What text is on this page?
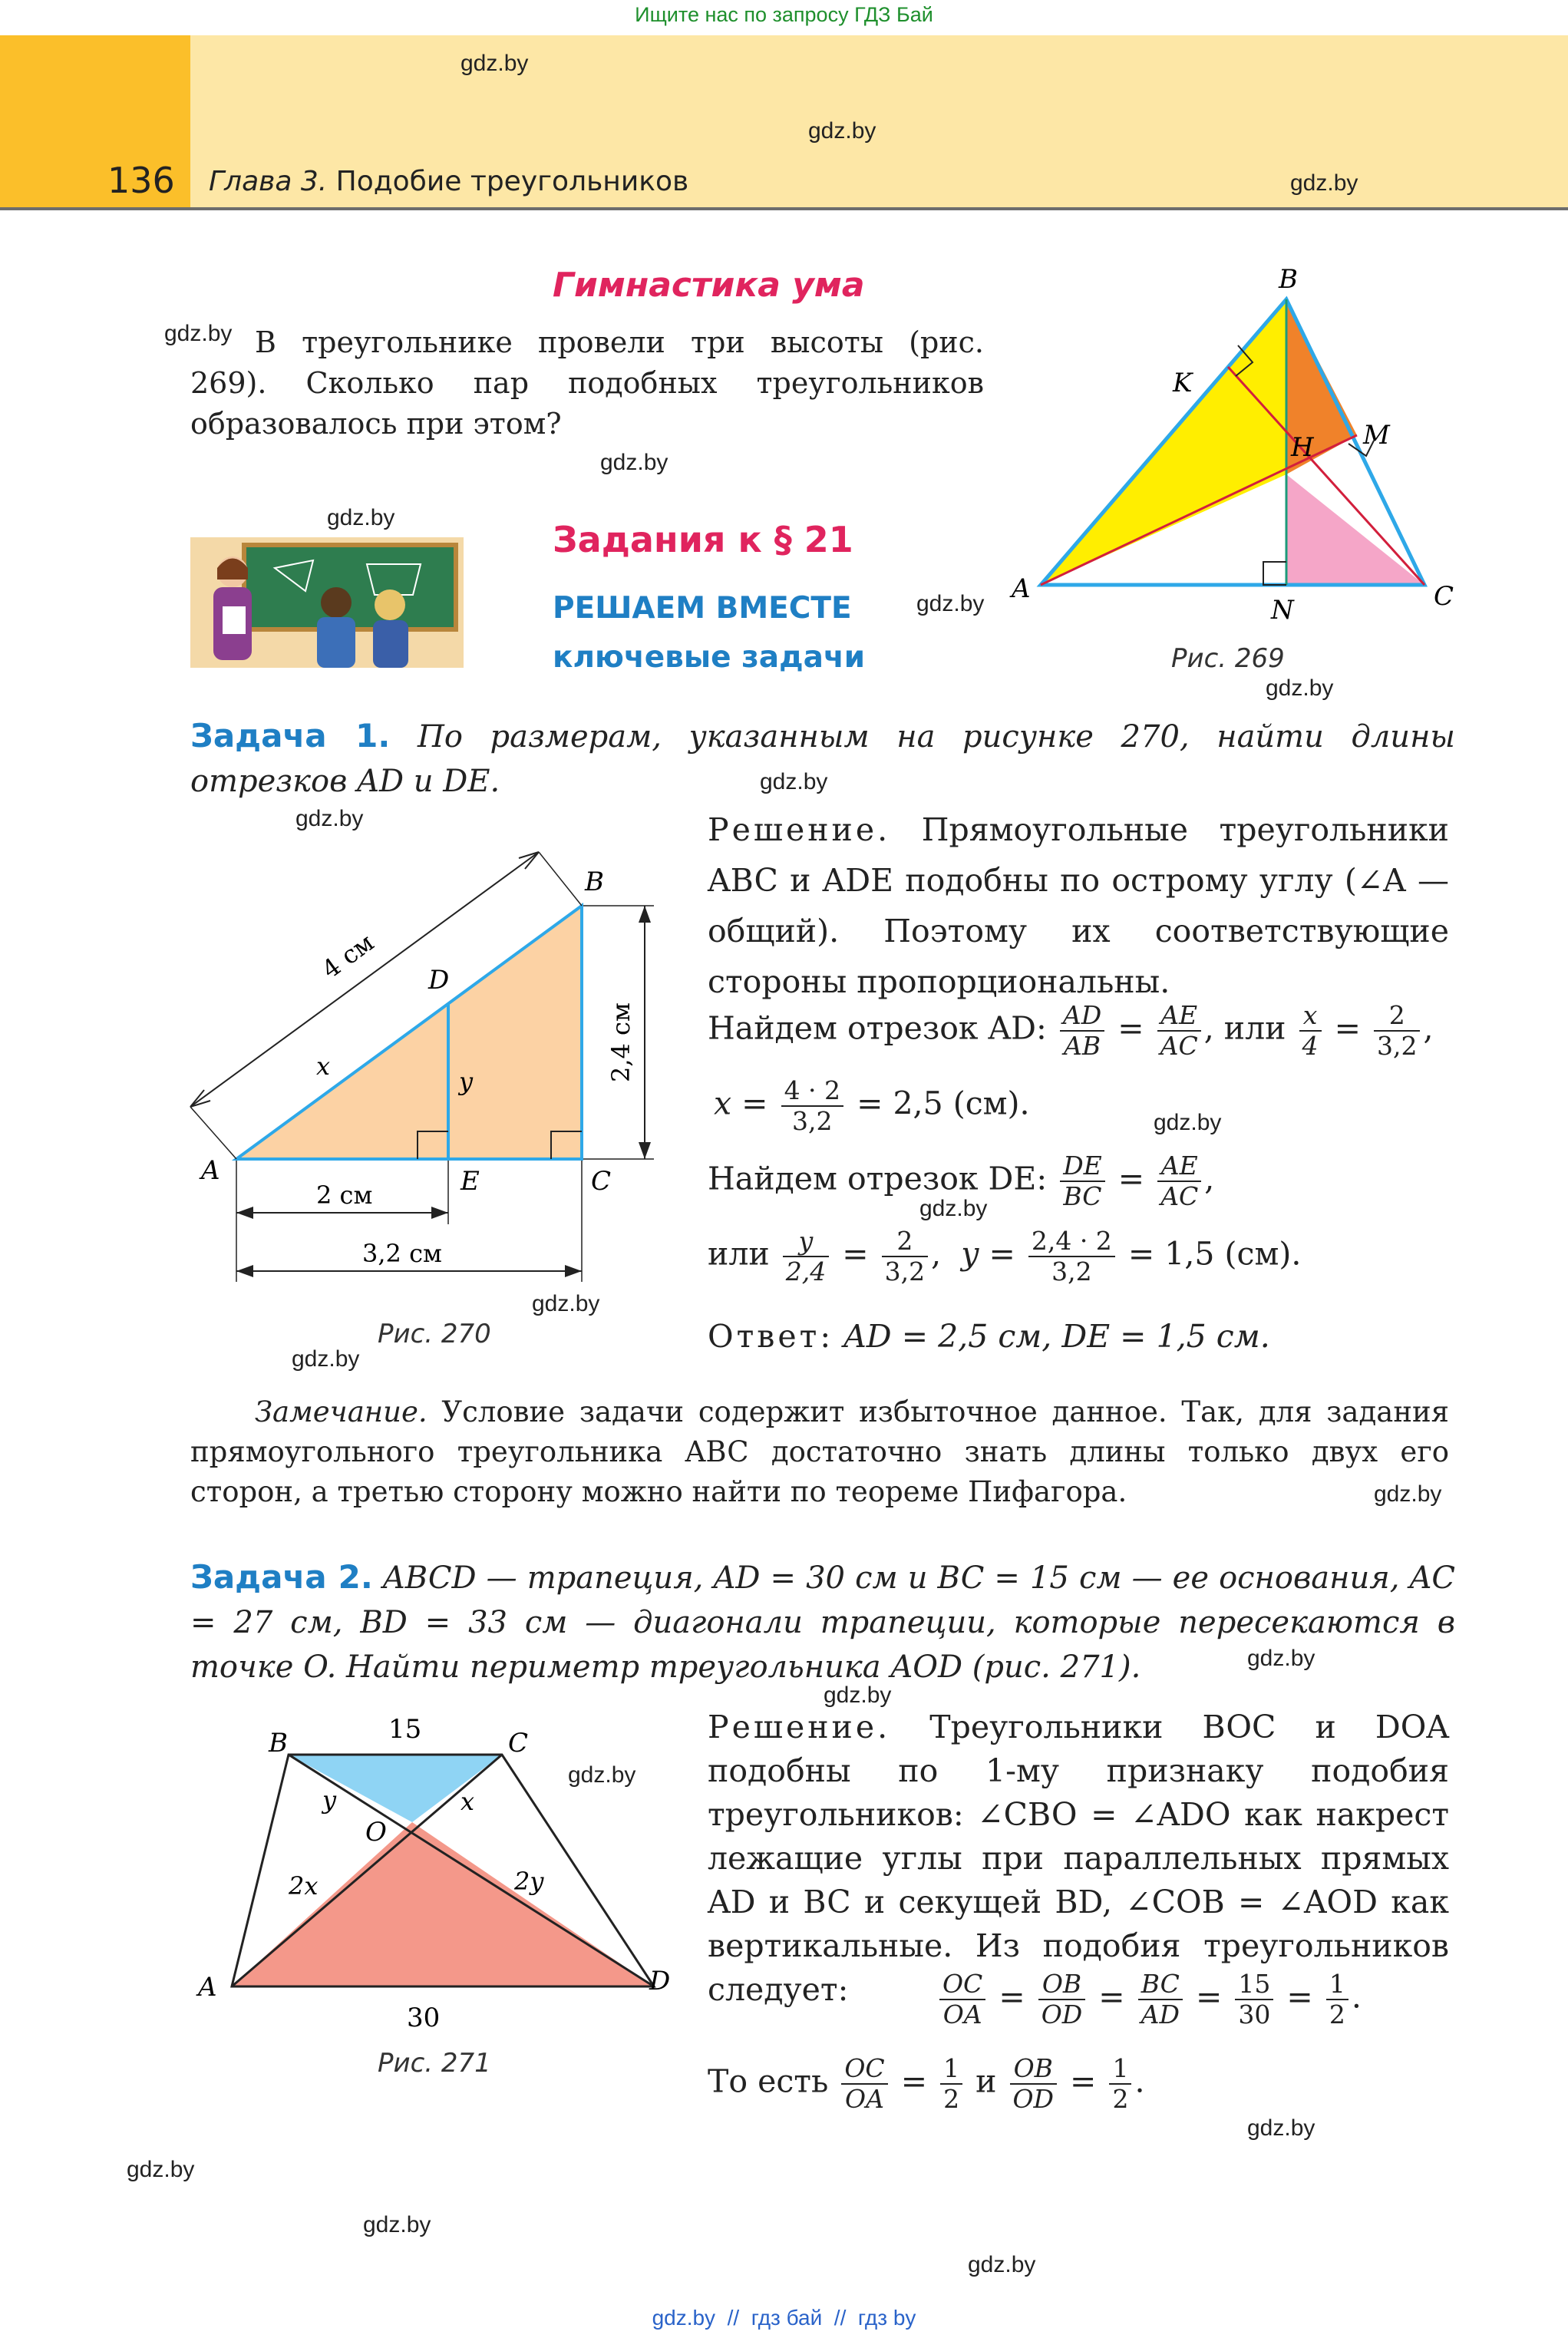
Ищите нас по запросу ГДЗ Бай
136 Глава 3. Подобие треугольников
gdz.by
gdz.by
gdz.by
gdz.by
gdz.by
gdz.by
gdz.by
gdz.by
gdz.by
gdz.by
gdz.by
gdz.by
gdz.by
gdz.by
gdz.by
gdz.by
gdz.by
gdz.by
gdz.by
gdz.by
gdz.by
gdz.by
Гимнастика ума
В треугольнике провели три высоты (рис. 269). Сколько пар подобных треугольников образовалось при этом?
Задания к § 21
РЕШАЕМ ВМЕСТЕ
ключевые задачи
B
A	C
K
M
H
N
Рис. 269
Задача 1. По размерам, указанным на рисунке 270, найти длины отрезков AD и DE.
A
B
C
D
E
x
y
4 см
2,4 см
2 см
3,2 см
Рис. 270
Решение. Прямоугольные треугольники ABC и ADE подобны по острому углу (∠A — общий). Поэтому их соответствующие стороны пропорциональны.
Найдем отрезок AD: $\frac{AD}{AB} = \frac{AE}{AC}$ , или $\frac{x}{4} = \frac{2}{3,2}$ ,
$x = \frac{4 \cdot 2}{3,2} = 2,5$ (см).
Найдем отрезок DE: $\frac{DE}{BC} = \frac{AE}{AC}$ ,
или $\frac{y}{2,4} = \frac{2}{3,2}$ ,  $y = \frac{2,4 \cdot 2}{3,2} = 1,5$ (см).
Ответ: AD = 2,5 см, DE = 1,5 см.
Замечание. Условие задачи содержит избыточное данное. Так, для задания прямоугольного треугольника ABC достаточно знать длины только двух его сторон, а третью сторону можно найти по теореме Пифагора.
Задача 2. ABCD — трапеция, AD = 30 см и BC = 15 см — ее основания, AC = 27 см, BD = 33 см — диагонали трапеции, которые пересекаются в точке O. Найти периметр треугольника AOD (рис. 271).
B	C
A	D
O
15
30
y	x
2x	2y
Рис. 271
Решение. Треугольники BOC и DOA подобны по 1-му признаку подобия треугольников: ∠CBO = ∠ADO как накрест лежащие углы при параллельных прямых AD и BC и секущей BD, ∠COB = ∠AOD как вертикальные. Из подобия треугольников следует:	$\frac{OC}{OA} = \frac{OB}{OD} = \frac{BC}{AD} = \frac{15}{30} = \frac{1}{2}$ .
То есть $\frac{OC}{OA} = \frac{1}{2}$ и $\frac{OB}{OD} = \frac{1}{2}$ .
gdz.by  //  гдз бай  //  гдз by
